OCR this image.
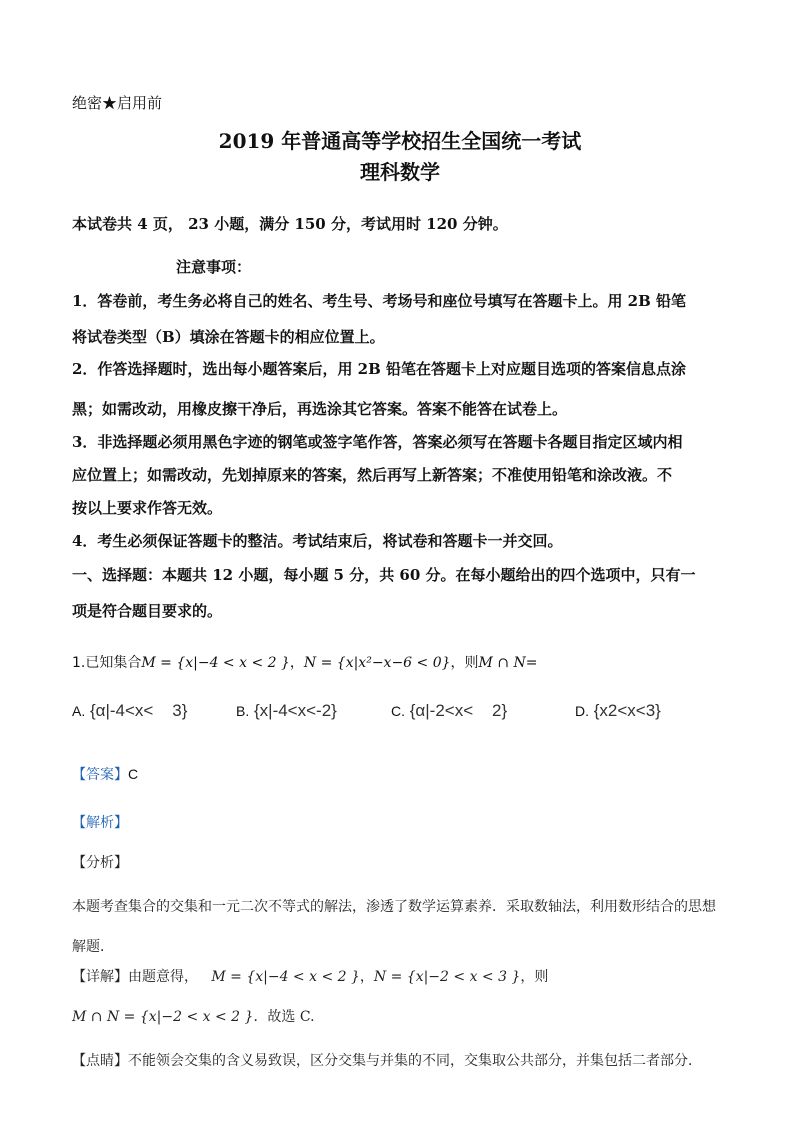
绝密★启用前
2019 年普通高等学校招生全国统一考试
理科数学
本试卷共 4 页， 23 小题，满分 150 分，考试用时 120 分钟。
注意事项：
1．答卷前，考生务必将自己的姓名、考生号、考场号和座位号填写在答题卡上。用 2B 铅笔
将试卷类型（B）填涂在答题卡的相应位置上。
2．作答选择题时，选出每小题答案后，用 2B 铅笔在答题卡上对应题目选项的答案信息点涂
黑；如需改动，用橡皮擦干净后，再选涂其它答案。答案不能答在试卷上。
3．非选择题必须用黑色字迹的钢笔或签字笔作答，答案必须写在答题卡各题目指定区域内相
应位置上；如需改动，先划掉原来的答案，然后再写上新答案；不准使用铅笔和涂改液。不
按以上要求作答无效。
4．考生必须保证答题卡的整洁。考试结束后，将试卷和答题卡一并交回。
一、选择题：本题共 12 小题，每小题 5 分，共 60 分。在每小题给出的四个选项中，只有一
项是符合题目要求的。
1.已知集合M = {x|−4 < x < 2 }，N = {x|x²−x−6 < 0}，则M ∩ N=
A. {α|-4<x<    3}	B. {x|-4<x<-2}	C. {α|-2<x<    2}	D. {x2<x<3}
【答案】C
【解析】
【分析】
本题考查集合的交集和一元二次不等式的解法，渗透了数学运算素养．采取数轴法，利用数形结合的思想
解题．
【详解】由题意得， M = {x|−4 < x < 2 }，N = {x|−2 < x < 3 }，则
M ∩ N = {x|−2 < x < 2 }．故选 C.
【点睛】不能领会交集的含义易致误，区分交集与并集的不同，交集取公共部分，并集包括二者部分．
